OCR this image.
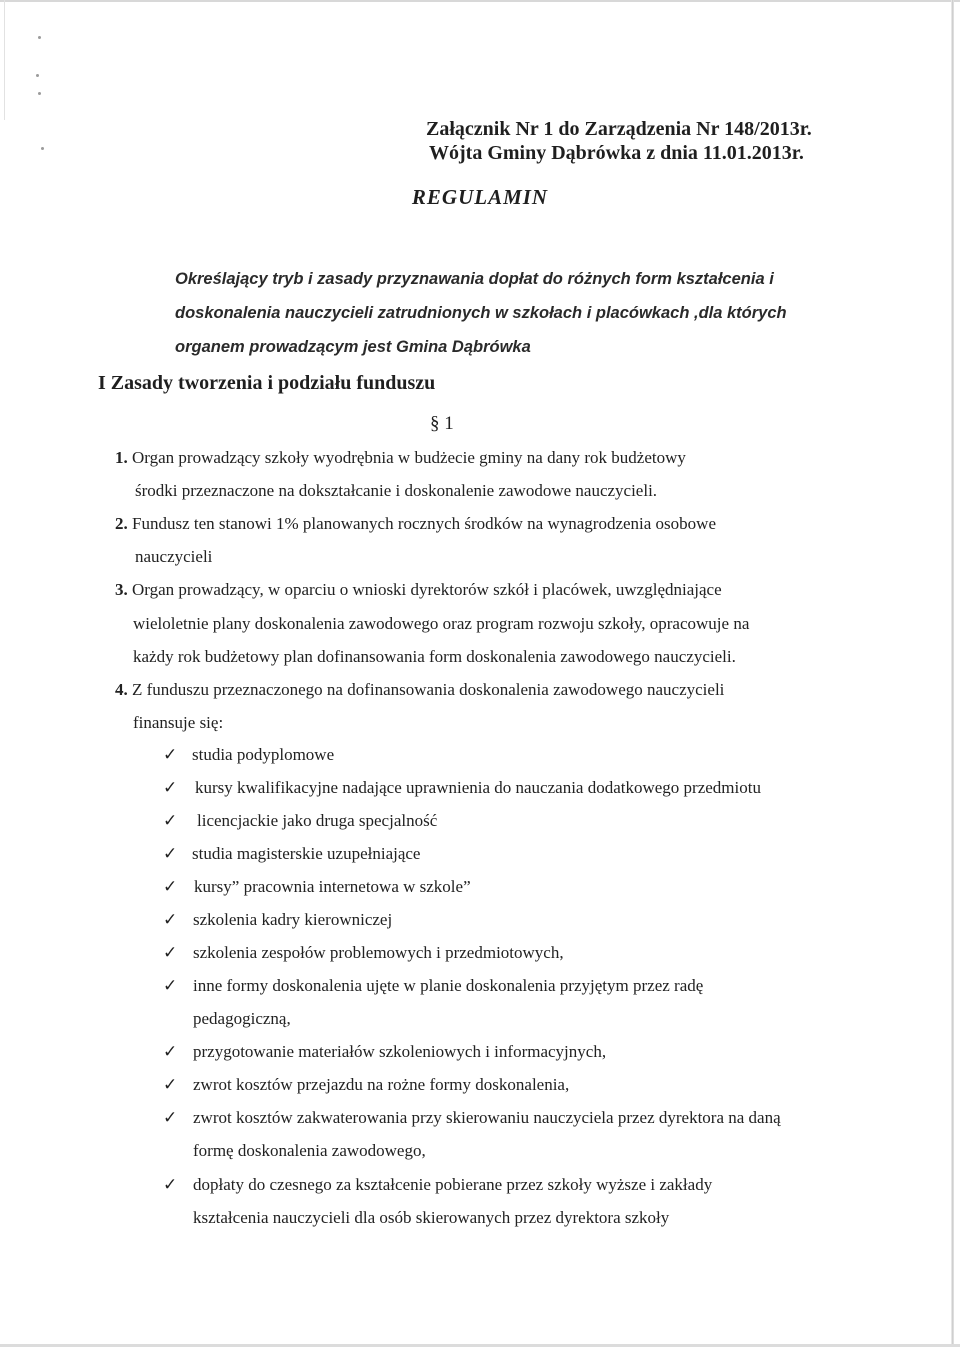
Załącznik Nr 1 do Zarządzenia Nr 148/2013r.
Wójta Gminy Dąbrówka z dnia 11.01.2013r.
REGULAMIN
Określający tryb i zasady przyznawania dopłat do różnych form kształcenia i
doskonalenia nauczycieli zatrudnionych w szkołach i placówkach ,dla których
organem prowadzącym jest Gmina Dąbrówka
I Zasady tworzenia i podziału funduszu
§ 1
1. Organ prowadzący szkoły wyodrębnia w budżecie gminy na dany rok budżetowy
środki przeznaczone na dokształcanie i doskonalenie zawodowe nauczycieli.
2. Fundusz ten stanowi 1% planowanych rocznych środków na wynagrodzenia osobowe
nauczycieli
3. Organ prowadzący, w oparciu o wnioski dyrektorów szkół i placówek, uwzględniające
wieloletnie plany doskonalenia zawodowego oraz program rozwoju szkoły, opracowuje na
każdy rok budżetowy plan dofinansowania form doskonalenia zawodowego nauczycieli.
4. Z funduszu przeznaczonego na dofinansowania doskonalenia zawodowego nauczycieli
finansuje się:
✓ studia podyplomowe
✓ kursy kwalifikacyjne nadające uprawnienia do nauczania dodatkowego przedmiotu
✓ licencjackie jako druga specjalność
✓ studia magisterskie uzupełniające
✓ kursy” pracownia internetowa w szkole”
✓ szkolenia kadry kierowniczej
✓ szkolenia zespołów problemowych i przedmiotowych,
✓ inne formy doskonalenia ujęte w planie doskonalenia przyjętym przez radę
pedagogiczną,
✓ przygotowanie materiałów szkoleniowych i informacyjnych,
✓ zwrot kosztów przejazdu na rożne formy doskonalenia,
✓ zwrot kosztów zakwaterowania przy skierowaniu nauczyciela przez dyrektora na daną
formę doskonalenia zawodowego,
✓ dopłaty do czesnego za kształcenie pobierane przez szkoły wyższe i zakłady
kształcenia nauczycieli dla osób skierowanych przez dyrektora szkoły
